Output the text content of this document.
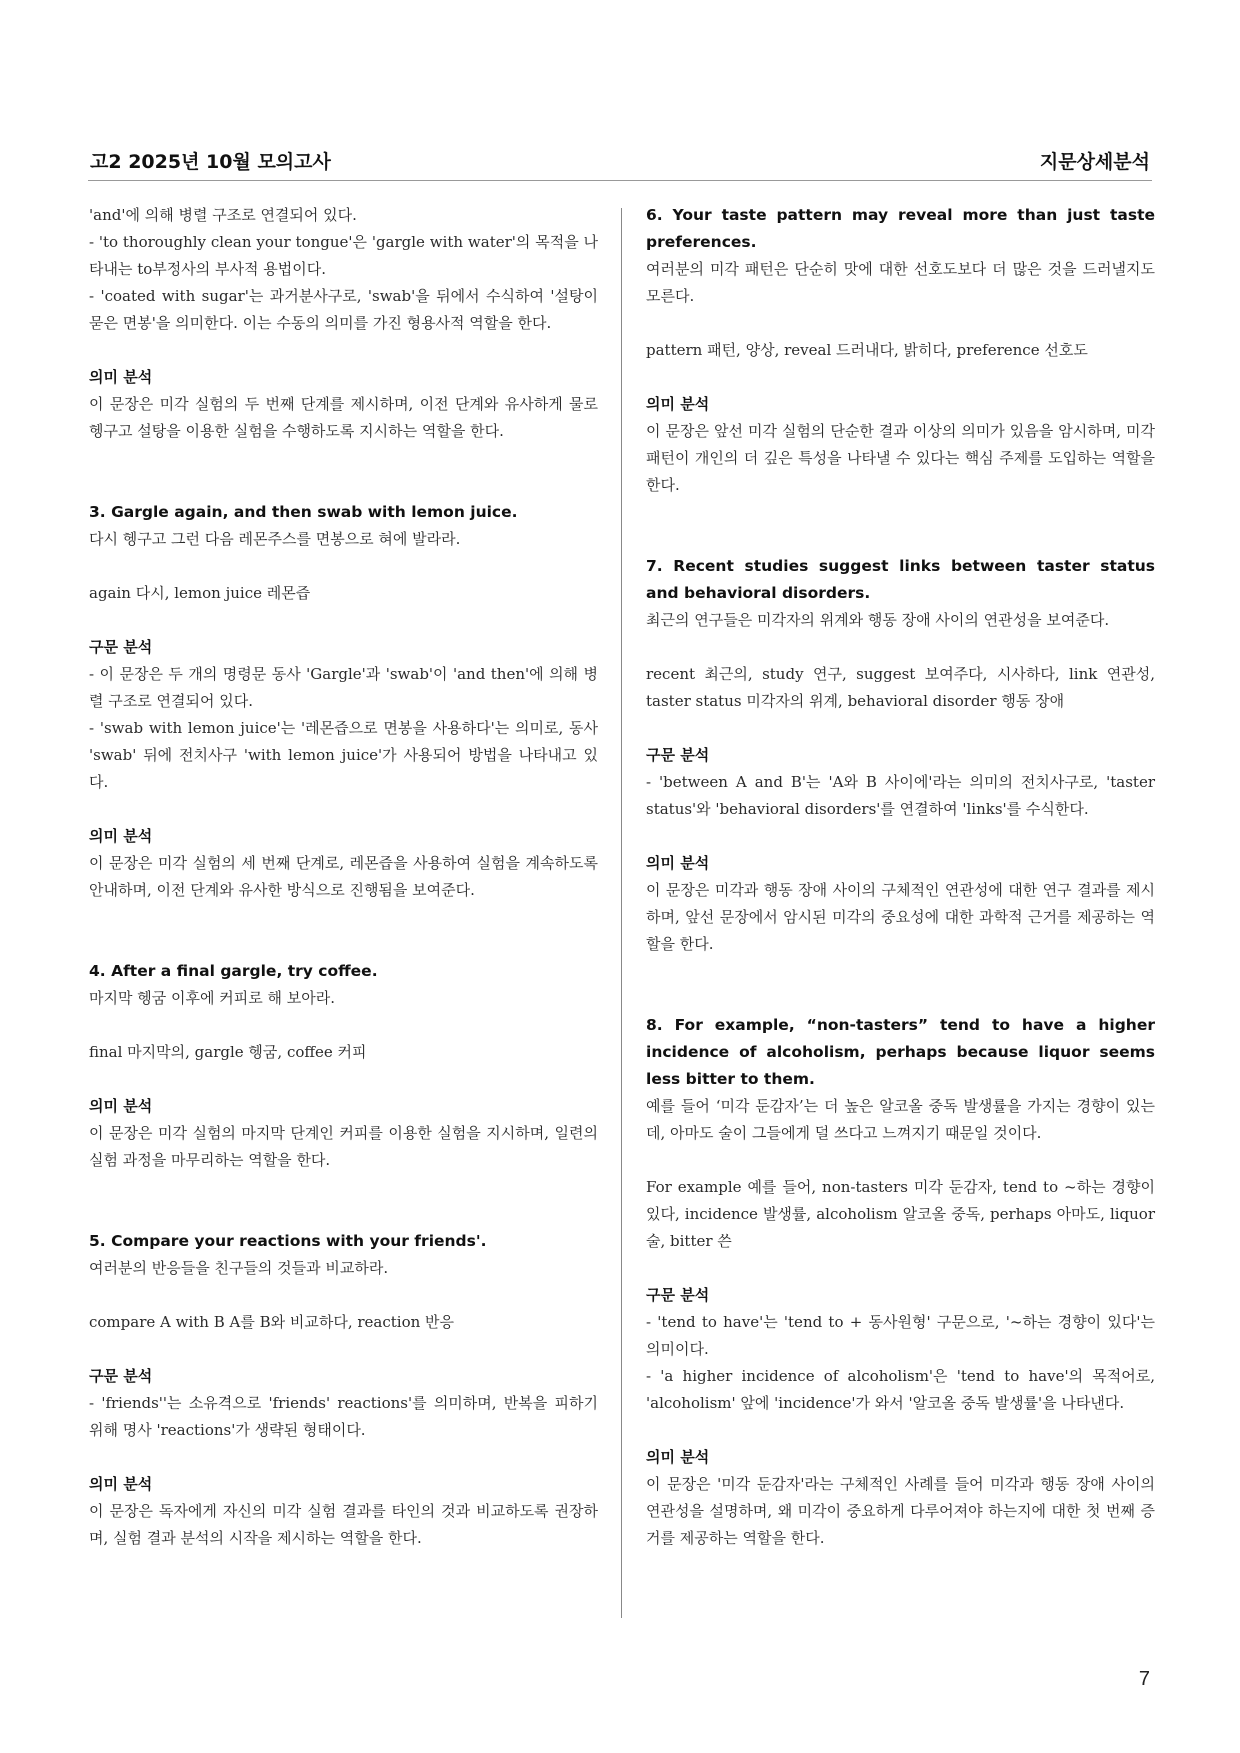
고2 2025년 10월 모의고사	지문상세분석

'and'에 의해 병렬 구조로 연결되어 있다.

- 'to thoroughly clean your tongue'은 'gargle with water'의 목적을 나타내는 to부정사의 부사적 용법이다.

- 'coated with sugar'는 과거분사구로, 'swab'을 뒤에서 수식하여 '설탕이 묻은 면봉'을 의미한다. 이는 수동의 의미를 가진 형용사적 역할을 한다.

의미 분석

이 문장은 미각 실험의 두 번째 단계를 제시하며, 이전 단계와 유사하게 물로 헹구고 설탕을 이용한 실험을 수행하도록 지시하는 역할을 한다.

3. Gargle again, and then swab with lemon juice.

다시 헹구고 그런 다음 레몬주스를 면봉으로 혀에 발라라.

again 다시, lemon juice 레몬즙

구문 분석

- 이 문장은 두 개의 명령문 동사 'Gargle'과 'swab'이 'and then'에 의해 병렬 구조로 연결되어 있다.

- 'swab with lemon juice'는 '레몬즙으로 면봉을 사용하다'는 의미로, 동사 'swab' 뒤에 전치사구 'with lemon juice'가 사용되어 방법을 나타내고 있다.

의미 분석

이 문장은 미각 실험의 세 번째 단계로, 레몬즙을 사용하여 실험을 계속하도록 안내하며, 이전 단계와 유사한 방식으로 진행됨을 보여준다.

4. After a final gargle, try coffee.

마지막 헹굼 이후에 커피로 해 보아라.

final 마지막의, gargle 헹굼, coffee 커피

의미 분석

이 문장은 미각 실험의 마지막 단계인 커피를 이용한 실험을 지시하며, 일련의 실험 과정을 마무리하는 역할을 한다.

5. Compare your reactions with your friends'.

여러분의 반응들을 친구들의 것들과 비교하라.

compare A with B A를 B와 비교하다, reaction 반응

구문 분석

- 'friends''는 소유격으로 'friends' reactions'를 의미하며, 반복을 피하기 위해 명사 'reactions'가 생략된 형태이다.

의미 분석

이 문장은 독자에게 자신의 미각 실험 결과를 타인의 것과 비교하도록 권장하며, 실험 결과 분석의 시작을 제시하는 역할을 한다.

6. Your taste pattern may reveal more than just taste preferences.

여러분의 미각 패턴은 단순히 맛에 대한 선호도보다 더 많은 것을 드러낼지도 모른다.

pattern 패턴, 양상, reveal 드러내다, 밝히다, preference 선호도

의미 분석

이 문장은 앞선 미각 실험의 단순한 결과 이상의 의미가 있음을 암시하며, 미각 패턴이 개인의 더 깊은 특성을 나타낼 수 있다는 핵심 주제를 도입하는 역할을 한다.

7. Recent studies suggest links between taster status and behavioral disorders.

최근의 연구들은 미각자의 위계와 행동 장애 사이의 연관성을 보여준다.

recent 최근의, study 연구, suggest 보여주다, 시사하다, link 연관성, taster status 미각자의 위계, behavioral disorder 행동 장애

구문 분석

- 'between A and B'는 'A와 B 사이에'라는 의미의 전치사구로, 'taster status'와 'behavioral disorders'를 연결하여 'links'를 수식한다.

의미 분석

이 문장은 미각과 행동 장애 사이의 구체적인 연관성에 대한 연구 결과를 제시하며, 앞선 문장에서 암시된 미각의 중요성에 대한 과학적 근거를 제공하는 역할을 한다.

8. For example, “non-tasters” tend to have a higher incidence of alcoholism, perhaps because liquor seems less bitter to them.

예를 들어 ‘미각 둔감자’는 더 높은 알코올 중독 발생률을 가지는 경향이 있는데, 아마도 술이 그들에게 덜 쓰다고 느껴지기 때문일 것이다.

For example 예를 들어, non-tasters 미각 둔감자, tend to ~하는 경향이 있다, incidence 발생률, alcoholism 알코올 중독, perhaps 아마도, liquor 술, bitter 쓴

구문 분석

- 'tend to have'는 'tend to + 동사원형' 구문으로, '~하는 경향이 있다'는 의미이다.

- 'a higher incidence of alcoholism'은 'tend to have'의 목적어로, 'alcoholism' 앞에 'incidence'가 와서 '알코올 중독 발생률'을 나타낸다.

의미 분석

이 문장은 '미각 둔감자'라는 구체적인 사례를 들어 미각과 행동 장애 사이의 연관성을 설명하며, 왜 미각이 중요하게 다루어져야 하는지에 대한 첫 번째 증거를 제공하는 역할을 한다.

7
